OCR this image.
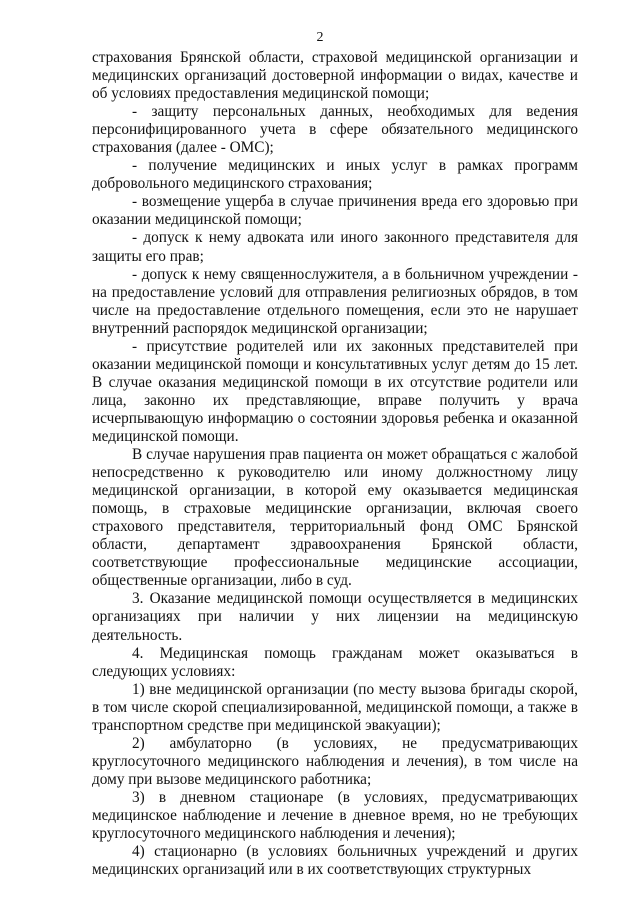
2

страхования Брянской области, страховой медицинской организации и медицинских организаций достоверной информации о видах, качестве и об условиях предоставления медицинской помощи;

- защиту персональных данных, необходимых для ведения персонифицированного учета в сфере обязательного медицинского страхования (далее - ОМС);

- получение медицинских и иных услуг в рамках программ добровольного медицинского страхования;

- возмещение ущерба в случае причинения вреда его здоровью при оказании медицинской помощи;

- допуск к нему адвоката или иного законного представителя для защиты его прав;

- допуск к нему священнослужителя, а в больничном учреждении - на предоставление условий для отправления религиозных обрядов, в том числе на предоставление отдельного помещения, если это не нарушает внутренний распорядок медицинской организации;

- присутствие родителей или их законных представителей при оказании медицинской помощи и консультативных услуг детям до 15 лет. В случае оказания медицинской помощи в их отсутствие родители или лица, законно их представляющие, вправе получить у врача исчерпывающую информацию о состоянии здоровья ребенка и оказанной медицинской помощи.

В случае нарушения прав пациента он может обращаться с жалобой непосредственно к руководителю или иному должностному лицу медицинской организации, в которой ему оказывается медицинская помощь, в страховые медицинские организации, включая своего страхового представителя, территориальный фонд ОМС Брянской области, департамент здравоохранения Брянской области, соответствующие профессиональные медицинские ассоциации, общественные организации, либо в суд.

3. Оказание медицинской помощи осуществляется в медицинских организациях при наличии у них лицензии на медицинскую деятельность.

4. Медицинская помощь гражданам может оказываться в следующих условиях:

1) вне медицинской организации (по месту вызова бригады скорой, в том числе скорой специализированной, медицинской помощи, а также в транспортном средстве при медицинской эвакуации);

2) амбулаторно (в условиях, не предусматривающих круглосуточного медицинского наблюдения и лечения), в том числе на дому при вызове медицинского работника;

3) в дневном стационаре (в условиях, предусматривающих медицинское наблюдение и лечение в дневное время, но не требующих круглосуточного медицинского наблюдения и лечения);

4) стационарно (в условиях больничных учреждений и других медицинских организаций или в их соответствующих структурных
